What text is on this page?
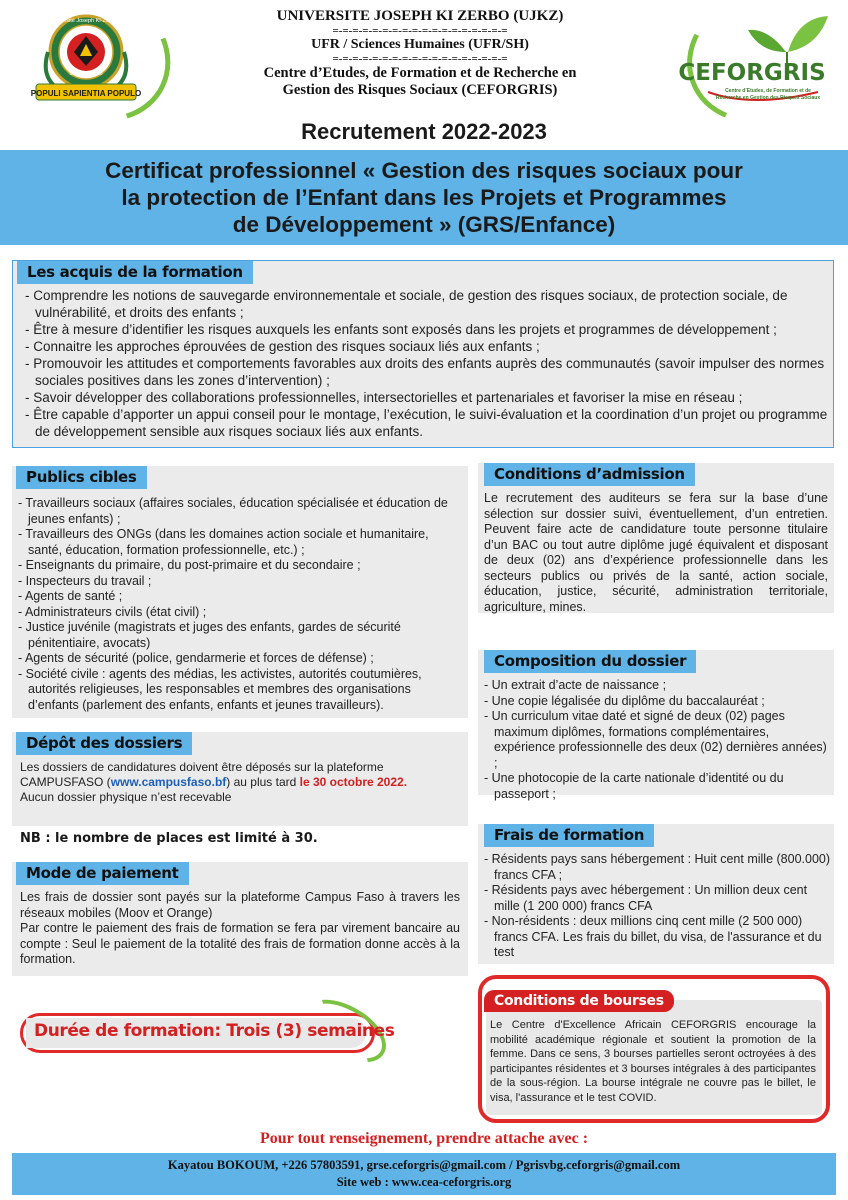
POPULI SAPIENTIA POPULO
Université Joseph KI-ZERBO
BURKINA FASO
UNIVERSITE JOSEPH KI ZERBO (UJKZ)
=-=-=-=-=-=-=-=-=-=-=-=-=-=-=-=-=-=
UFR / Sciences Humaines (UFR/SH)
=-=-=-=-=-=-=-=-=-=-=-=-=-=-=-=-=-=
Centre d’Etudes, de Formation et de Recherche en
Gestion des Risques Sociaux (CEFORGRIS)
CEFORGRIS
Centre d’Etudes, de Formation et de
Recherche en Gestion des Risques Sociaux
Recrutement 2022-2023
Certificat professionnel « Gestion des risques sociaux pour
la protection de l’Enfant dans les Projets et Programmes
de Développement » (GRS/Enfance)
Les acquis de la formation
- Comprendre les notions de sauvegarde environnementale et sociale, de gestion des risques sociaux, de protection sociale, de vulnérabilité, et droits des enfants ;
- Être à mesure d’identifier les risques auxquels les enfants sont exposés dans les projets et programmes de développement ;
- Connaitre les approches éprouvées de gestion des risques sociaux liés aux enfants ;
- Promouvoir les attitudes et comportements favorables aux droits des enfants auprès des communautés (savoir impulser des normes sociales positives dans les zones d’intervention) ;
- Savoir développer des collaborations professionnelles, intersectorielles et partenariales et favoriser la mise en réseau ;
- Être capable d’apporter un appui conseil pour le montage, l’exécution, le suivi-évaluation et la coordination d’un projet ou programme de développement sensible aux risques sociaux liés aux enfants.
Publics cibles
- Travailleurs sociaux (affaires sociales, éducation spécialisée et éducation de jeunes enfants) ;
- Travailleurs des ONGs (dans les domaines action sociale et humanitaire, santé, éducation, formation professionnelle, etc.) ;
- Enseignants du primaire, du post-primaire et du secondaire ;
- Inspecteurs du travail ;
- Agents de santé ;
- Administrateurs civils (état civil) ;
- Justice juvénile (magistrats et juges des enfants, gardes de sécurité pénitentiaire, avocats)
- Agents de sécurité (police, gendarmerie et forces de défense) ;
- Société civile : agents des médias, les activistes, autorités coutumières, autorités religieuses, les responsables et membres des organisations d’enfants (parlement des enfants, enfants et jeunes travailleurs).
Conditions d’admission

Le recrutement des auditeurs se fera sur la base d’une sélection sur dossier suivi, éventuellement, d’un entretien. Peuvent faire acte de candidature toute personne titulaire d’un BAC ou tout autre diplôme jugé équivalent et disposant de deux (02) ans d’expérience professionnelle dans les secteurs publics ou privés de la santé, action sociale, éducation, justice, sécurité, administration territoriale, agriculture, mines.

Composition du dossier
- Un extrait d’acte de naissance ;
- Une copie légalisée du diplôme du baccalauréat ;
- Un curriculum vitae daté et signé de deux (02) pages maximum diplômes, formations complémentaires, expérience professionnelle des deux (02) dernières années) ;
- Une photocopie de la carte nationale d’identité ou du passeport ;
Dépôt des dossiers
Les dossiers de candidatures doivent être déposés sur la plateforme CAMPUSFASO (www.campusfaso.bf) au plus tard le 30 octobre 2022.
Aucun dossier physique n’est recevable
NB : le nombre de places est limité à 30.
Mode de paiement
Les frais de dossier sont payés sur la plateforme Campus Faso à travers les réseaux mobiles (Moov et Orange)
Par contre le paiement des frais de formation se fera par virement bancaire au compte : Seul le paiement de la totalité des frais de formation donne accès à la formation.
Frais de formation
- Résidents pays sans hébergement : Huit cent mille (800.000) francs CFA ;
- Résidents pays avec hébergement : Un million deux cent mille (1 200 000) francs CFA
- Non-résidents : deux millions cinq cent mille (2 500 000) francs CFA. Les frais du billet, du visa, de l'assurance et du test
Durée de formation: Trois (3) semaines
Conditions de bourses
Le Centre d'Excellence Africain CEFORGRIS encourage la mobilité académique régionale et soutient la promotion de la femme. Dans ce sens, 3 bourses partielles seront octroyées à des participantes résidentes et 3 bourses intégrales à des participantes de la sous-région. La bourse intégrale ne couvre pas le billet, le visa, l'assurance et le test COVID.
Pour tout renseignement, prendre attache avec :
Kayatou BOKOUM, +226 57803591, grse.ceforgris@gmail.com / Pgrisvbg.ceforgris@gmail.com
Site web : www.cea-ceforgris.org
